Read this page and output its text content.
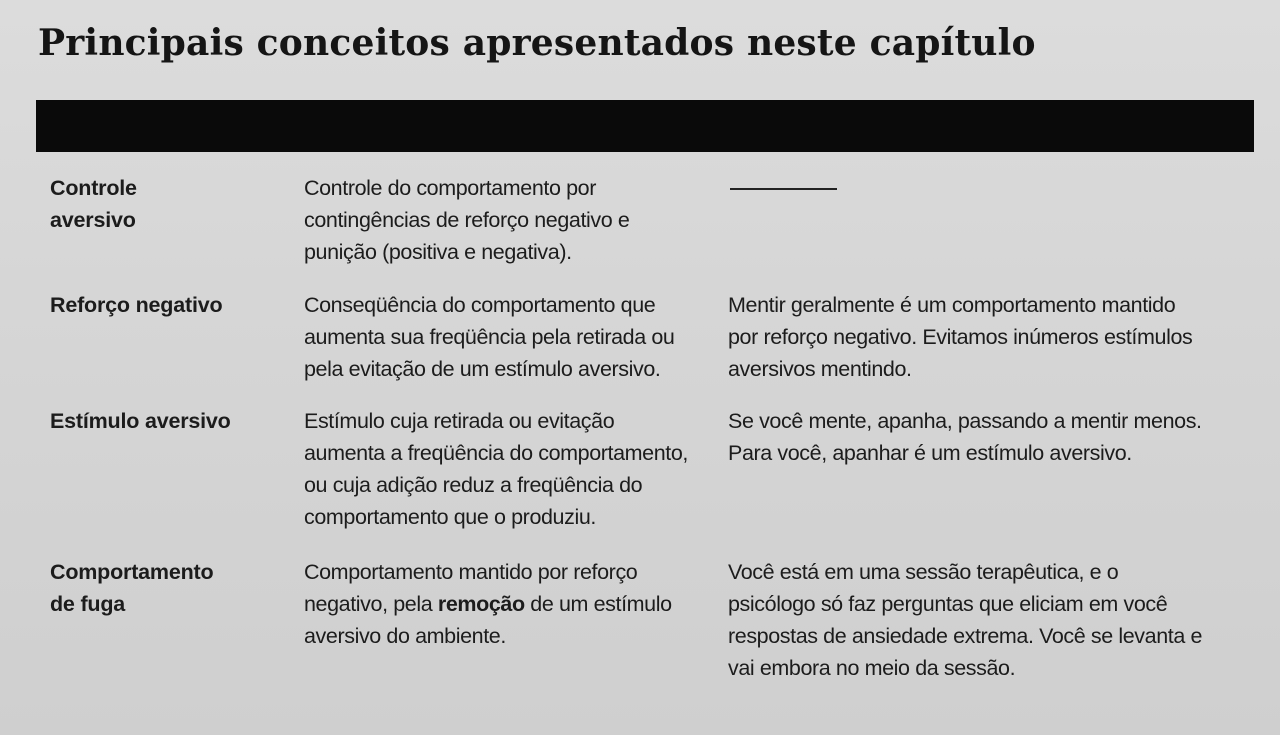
Principais conceitos apresentados neste capítulo
Controle
aversivo
Controle do comportamento por
contingências de reforço negativo e
punição (positiva e negativa).
Reforço negativo	Conseqüência do comportamento que
aumenta sua freqüência pela retirada ou
pela evitação de um estímulo aversivo.
Mentir geralmente é um comportamento mantido
por reforço negativo. Evitamos inúmeros estímulos
aversivos mentindo.
Estímulo aversivo	Estímulo cuja retirada ou evitação
aumenta a freqüência do comportamento,
ou cuja adição reduz a freqüência do
comportamento que o produziu.
Se você mente, apanha, passando a mentir menos.
Para você, apanhar é um estímulo aversivo.
Comportamento
de fuga
Comportamento mantido por reforço
negativo, pela remoção de um estímulo
aversivo do ambiente.
Você está em uma sessão terapêutica, e o
psicólogo só faz perguntas que eliciam em você
respostas de ansiedade extrema. Você se levanta e
vai embora no meio da sessão.
